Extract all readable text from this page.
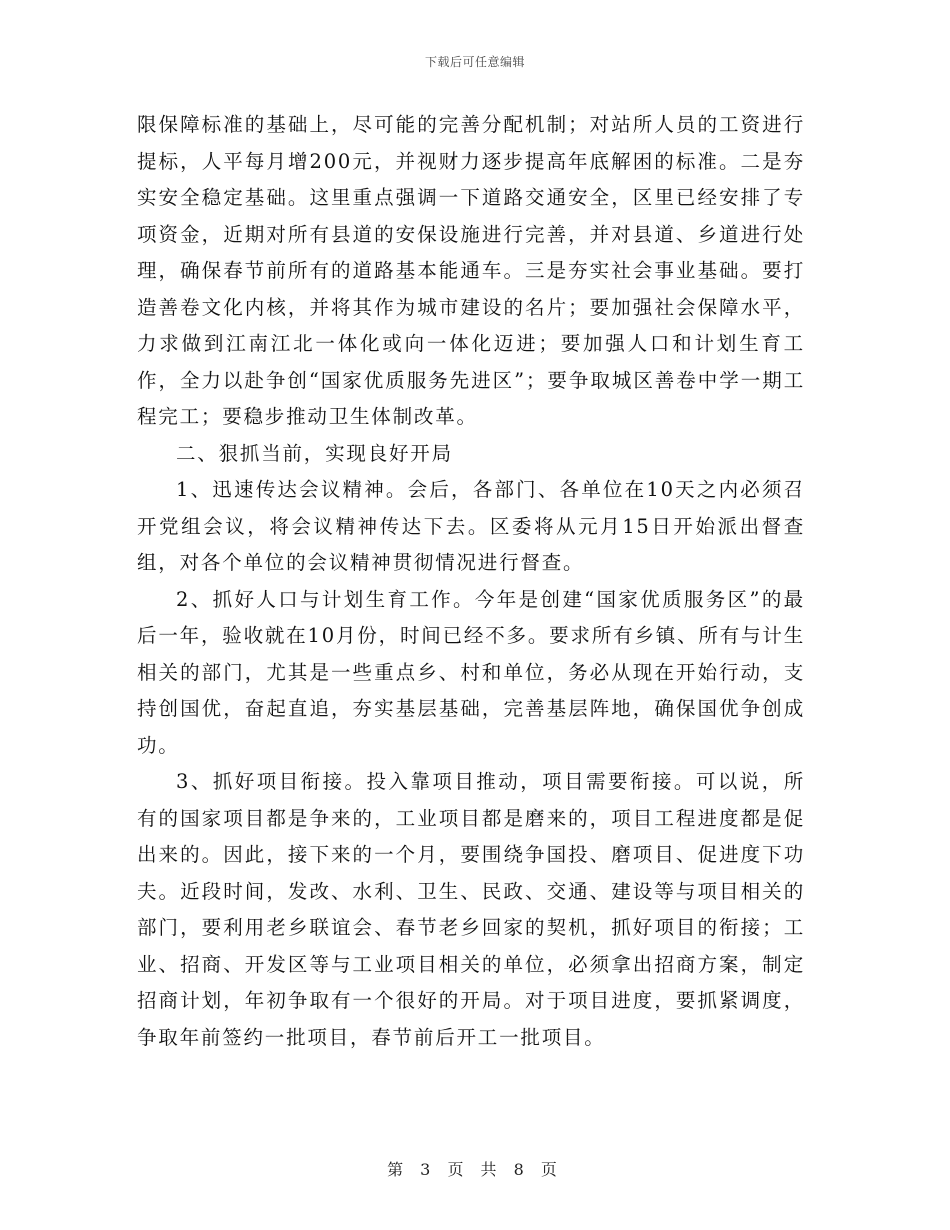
下载后可任意编辑

限保障标准的基础上，尽可能的完善分配机制；对站所人员的工资进行提标，人平每月增200元，并视财力逐步提高年底解困的标准。二是夯实安全稳定基础。这里重点强调一下道路交通安全，区里已经安排了专项资金，近期对所有县道的安保设施进行完善，并对县道、乡道进行处理，确保春节前所有的道路基本能通车。三是夯实社会事业基础。要打造善卷文化内核，并将其作为城市建设的名片；要加强社会保障水平，力求做到江南江北一体化或向一体化迈进；要加强人口和计划生育工作，全力以赴争创“国家优质服务先进区”；要争取城区善卷中学一期工程完工；要稳步推动卫生体制改革。

二、狠抓当前，实现良好开局

1、迅速传达会议精神。会后，各部门、各单位在10天之内必须召开党组会议，将会议精神传达下去。区委将从元月15日开始派出督查组，对各个单位的会议精神贯彻情况进行督查。

2、抓好人口与计划生育工作。今年是创建“国家优质服务区”的最后一年，验收就在10月份，时间已经不多。要求所有乡镇、所有与计生相关的部门，尤其是一些重点乡、村和单位，务必从现在开始行动，支持创国优，奋起直追，夯实基层基础，完善基层阵地，确保国优争创成功。

3、抓好项目衔接。投入靠项目推动，项目需要衔接。可以说，所有的国家项目都是争来的，工业项目都是磨来的，项目工程进度都是促出来的。因此，接下来的一个月，要围绕争国投、磨项目、促进度下功夫。近段时间，发改、水利、卫生、民政、交通、建设等与项目相关的部门，要利用老乡联谊会、春节老乡回家的契机，抓好项目的衔接；工业、招商、开发区等与工业项目相关的单位，必须拿出招商方案，制定招商计划，年初争取有一个很好的开局。对于项目进度，要抓紧调度，争取年前签约一批项目，春节前后开工一批项目。

第 3 页 共 8 页
